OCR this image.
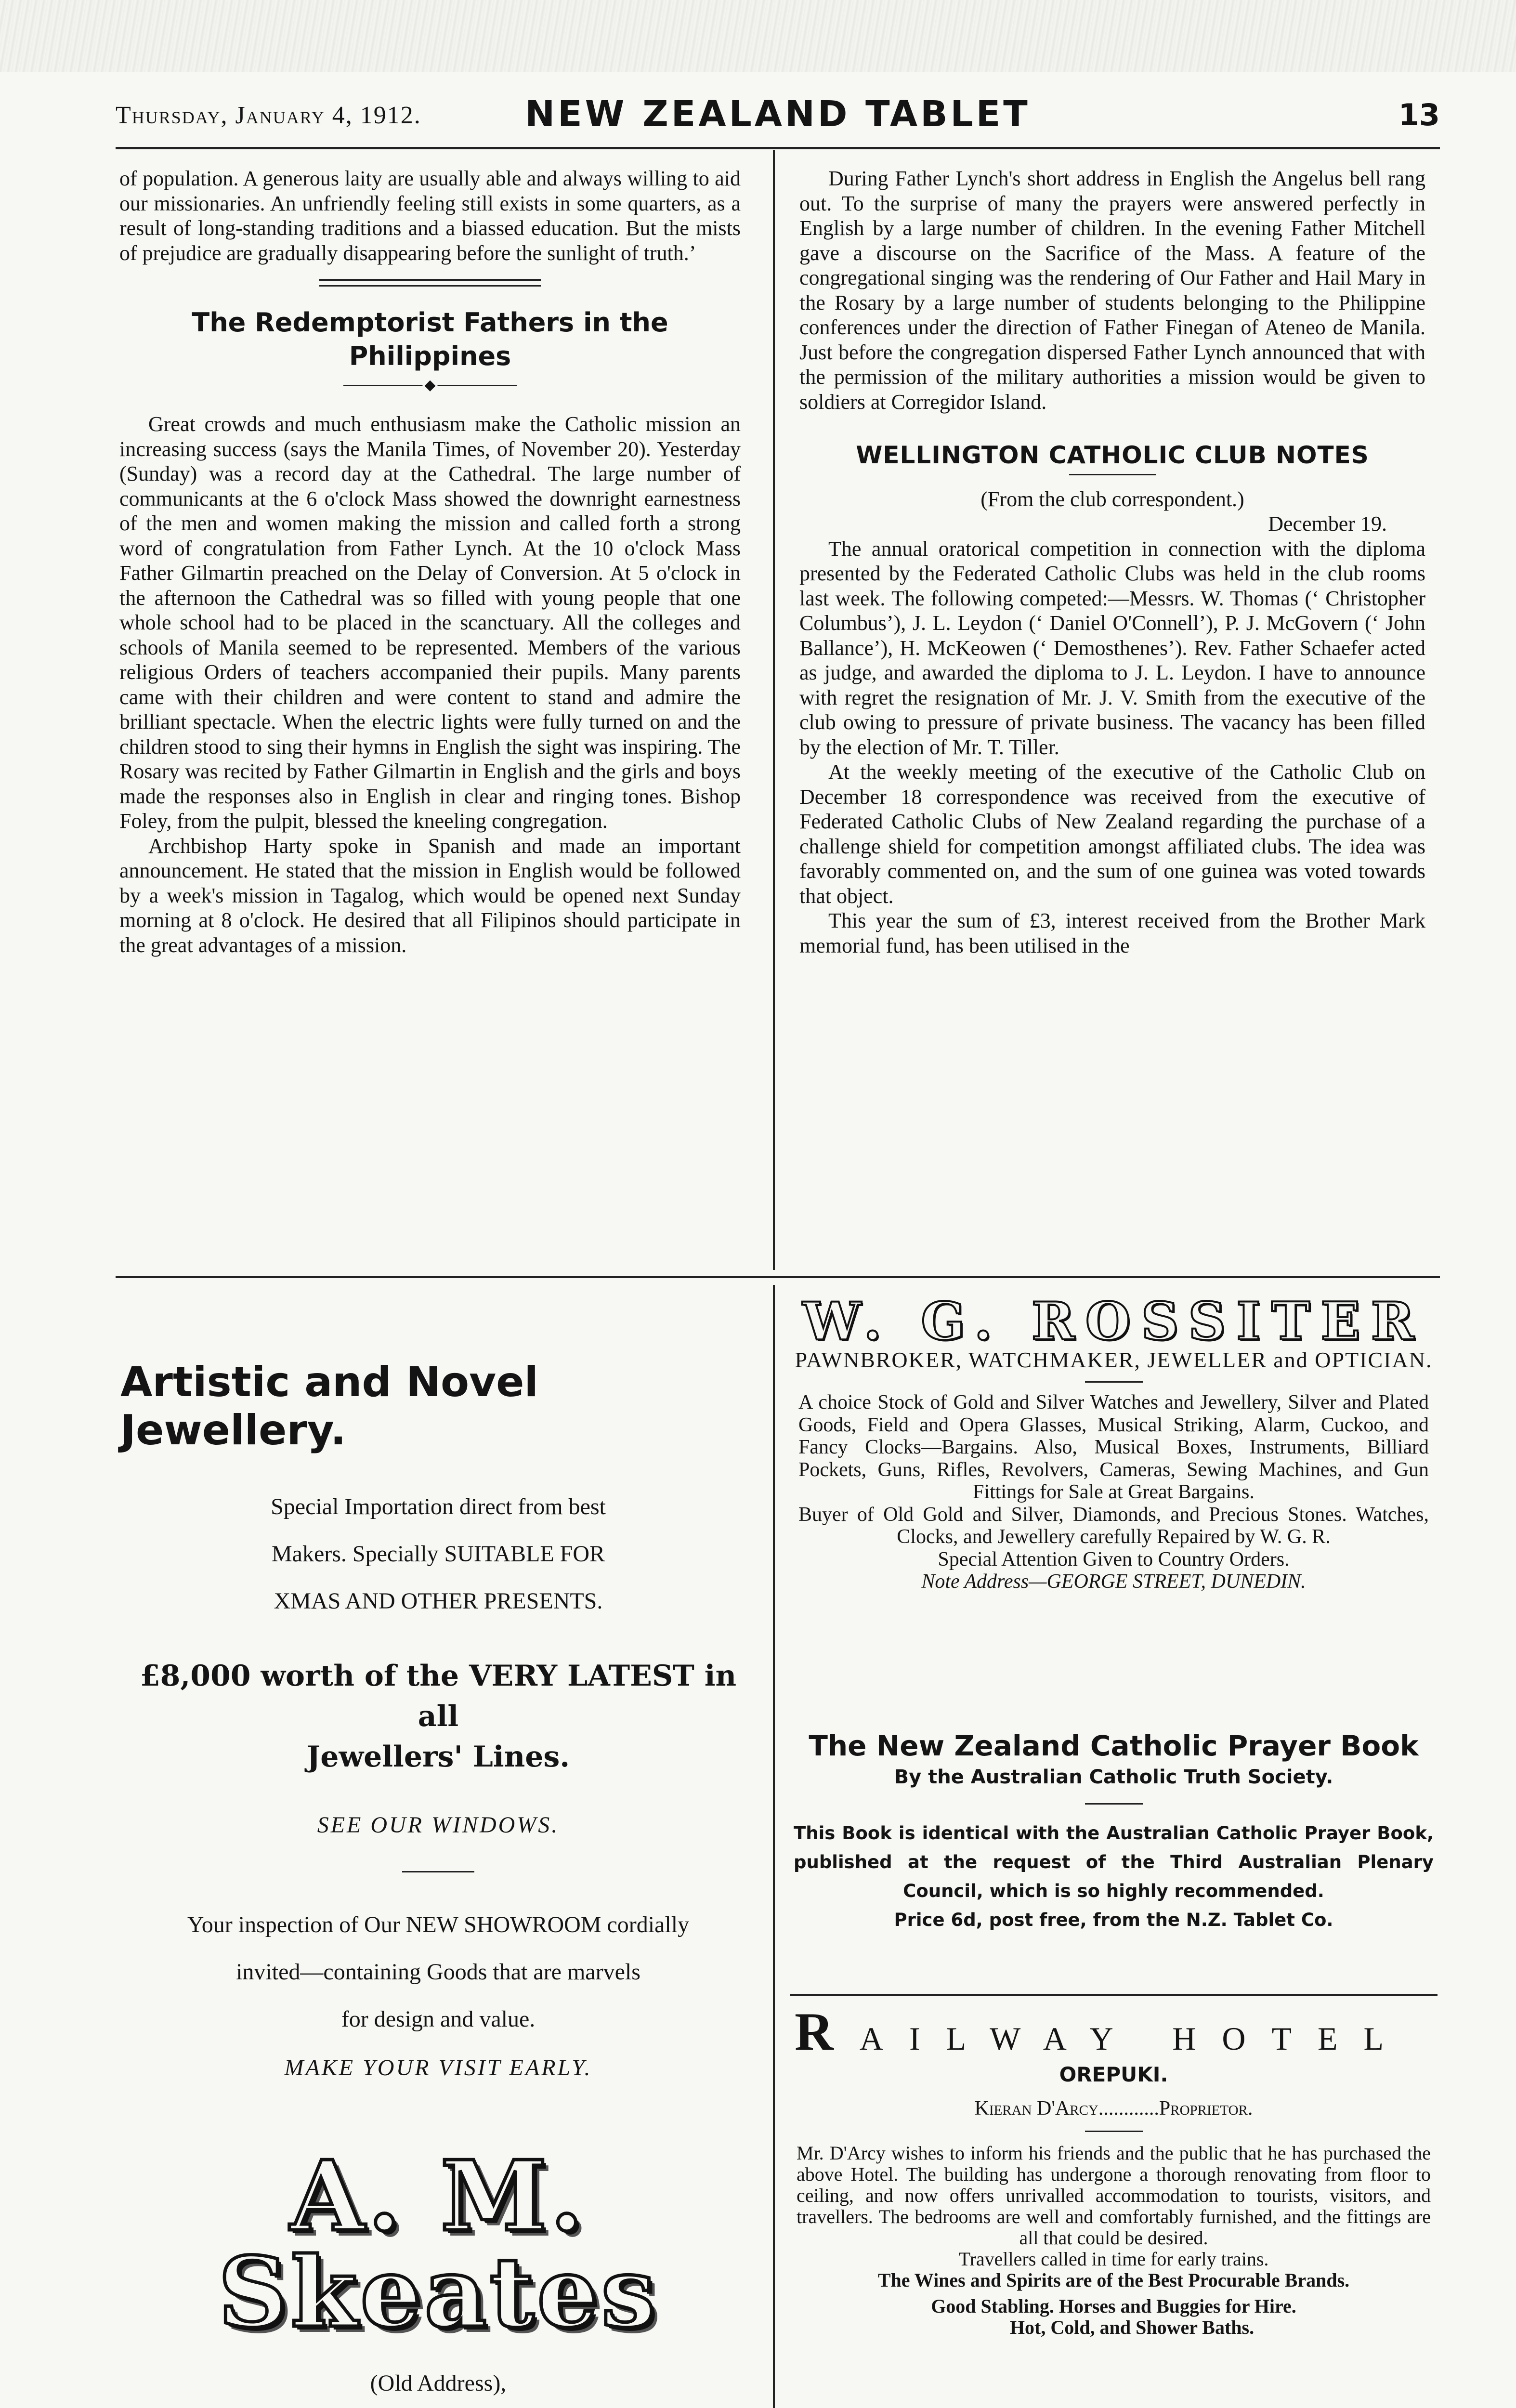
Thursday, January 4, 1912.	NEW ZEALAND TABLET	13

of population. A generous laity are usually able and always willing to aid our missionaries. An unfriendly feeling still exists in some quarters, as a result of long-standing traditions and a biassed education. But the mists of prejudice are gradually disappearing before the sunlight of truth.’

The Redemptorist Fathers in the Philippines
◆

Great crowds and much enthusiasm make the Catholic mission an increasing success (says the Manila Times, of November 20). Yesterday (Sunday) was a record day at the Cathedral. The large number of communicants at the 6 o'clock Mass showed the downright earnestness of the men and women making the mission and called forth a strong word of congratulation from Father Lynch. At the 10 o'clock Mass Father Gilmartin preached on the Delay of Conversion. At 5 o'clock in the afternoon the Cathedral was so filled with young people that one whole school had to be placed in the scanctuary. All the colleges and schools of Manila seemed to be represented. Members of the various religious Orders of teachers accompanied their pupils. Many parents came with their children and were content to stand and admire the brilliant spectacle. When the electric lights were fully turned on and the children stood to sing their hymns in English the sight was inspiring. The Rosary was recited by Father Gilmartin in English and the girls and boys made the responses also in English in clear and ringing tones. Bishop Foley, from the pulpit, blessed the kneeling congregation.

Archbishop Harty spoke in Spanish and made an important announcement. He stated that the mission in English would be followed by a week's mission in Tagalog, which would be opened next Sunday morning at 8 o'clock. He desired that all Filipinos should participate in the great advantages of a mission.

During Father Lynch's short address in English the Angelus bell rang out. To the surprise of many the prayers were answered perfectly in English by a large number of children. In the evening Father Mitchell gave a discourse on the Sacrifice of the Mass. A feature of the congregational singing was the rendering of Our Father and Hail Mary in the Rosary by a large number of students belonging to the Philippine conferences under the direction of Father Finegan of Ateneo de Manila. Just before the congregation dispersed Father Lynch announced that with the permission of the military authorities a mission would be given to soldiers at Corregidor Island.

WELLINGTON CATHOLIC CLUB NOTES
(From the club correspondent.)
December 19.

The annual oratorical competition in connection with the diploma presented by the Federated Catholic Clubs was held in the club rooms last week. The following competed:—Messrs. W. Thomas (‘ Christopher Columbus’), J. L. Leydon (‘ Daniel O'Connell’), P. J. McGovern (‘ John Ballance’), H. McKeowen (‘ Demosthenes’). Rev. Father Schaefer acted as judge, and awarded the diploma to J. L. Leydon. I have to announce with regret the resignation of Mr. J. V. Smith from the executive of the club owing to pressure of private business. The vacancy has been filled by the election of Mr. T. Tiller.

At the weekly meeting of the executive of the Catholic Club on December 18 correspondence was received from the executive of Federated Catholic Clubs of New Zealand regarding the purchase of a challenge shield for competition amongst affiliated clubs. The idea was favorably commented on, and the sum of one guinea was voted towards that object.

This year the sum of £3, interest received from the Brother Mark memorial fund, has been utilised in the

Artistic and Novel Jewellery.
Special Importation direct from best
Makers. Specially SUITABLE FOR
XMAS AND OTHER PRESENTS.
£8,000 worth of the VERY LATEST in all
Jewellers' Lines.
SEE OUR WINDOWS.
Your inspection of Our NEW SHOWROOM cordially
invited—containing Goods that are marvels
for design and value.
MAKE YOUR VISIT EARLY.
A. M. Skeates
(Old Address),
W. G. ROSSITER
PAWNBROKER, WATCHMAKER, JEWELLER and OPTICIAN.
A choice Stock of Gold and Silver Watches and Jewellery, Silver and Plated Goods, Field and Opera Glasses, Musical Striking, Alarm, Cuckoo, and Fancy Clocks—Bargains. Also, Musical Boxes, Instruments, Billiard Pockets, Guns, Rifles, Revolvers, Cameras, Sewing Machines, and Gun Fittings for Sale at Great Bargains.
Buyer of Old Gold and Silver, Diamonds, and Precious Stones. Watches, Clocks, and Jewellery carefully Repaired by W. G. R.
Special Attention Given to Country Orders.
Note Address—GEORGE STREET, DUNEDIN.
The New Zealand Catholic Prayer Book
By the Australian Catholic Truth Society.
This Book is identical with the Australian Catholic Prayer Book, published at the request of the Third Australian Plenary Council, which is so highly recommended.
Price 6d, post free, from the N.Z. Tablet Co.
RAILWAY HOTEL
OREPUKI.
Kieran D'Arcy............Proprietor.
Mr. D'Arcy wishes to inform his friends and the public that he has purchased the above Hotel. The building has undergone a thorough renovating from floor to ceiling, and now offers unrivalled accommodation to tourists, visitors, and travellers. The bedrooms are well and comfortably furnished, and the fittings are all that could be desired.
Travellers called in time for early trains.
The Wines and Spirits are of the Best Procurable Brands.
Good Stabling. Horses and Buggies for Hire.
Hot, Cold, and Shower Baths.
